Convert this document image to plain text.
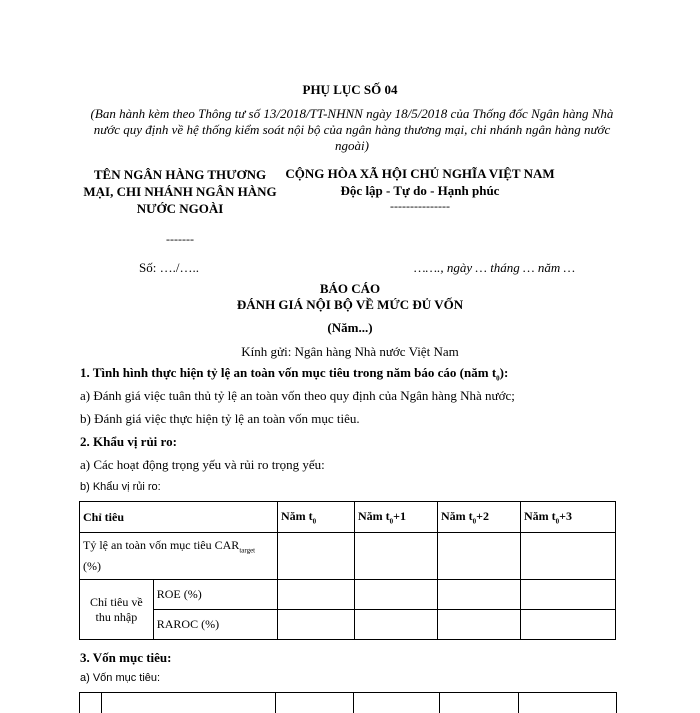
PHỤ LỤC SỐ 04
(Ban hành kèm theo Thông tư số 13/2018/TT-NHNN ngày 18/5/2018 của Thống đốc Ngân hàng Nhà nước quy định về hệ thống kiểm soát nội bộ của ngân hàng thương mại, chi nhánh ngân hàng nước ngoài)
TÊN NGÂN HÀNG THƯƠNG MẠI, CHI NHÁNH NGÂN HÀNG NƯỚC NGOÀI
-------
CỘNG HÒA XÃ HỘI CHỦ NGHĨA VIỆT NAM
Độc lập - Tự do - Hạnh phúc
---------------
Số: …./…..	……., ngày … tháng … năm …
BÁO CÁO
ĐÁNH GIÁ NỘI BỘ VỀ MỨC ĐỦ VỐN
(Năm...)
Kính gửi: Ngân hàng Nhà nước Việt Nam
1. Tình hình thực hiện tỷ lệ an toàn vốn mục tiêu trong năm báo cáo (năm $t_0$):
a) Đánh giá việc tuân thủ tỷ lệ an toàn vốn theo quy định của Ngân hàng Nhà nước;
b) Đánh giá việc thực hiện tỷ lệ an toàn vốn mục tiêu.
2. Khẩu vị rủi ro:
a) Các hoạt động trọng yếu và rủi ro trọng yếu:
b) Khẩu vị rủi ro:
Chỉ tiêu		Năm $t_0$	Năm $t_0+1$	Năm $t_0+2$	Năm $t_0+3$
Tỷ lệ an toàn vốn mục tiêu $CAR_{target}$ (%)					
Chỉ tiêu về thu nhập	ROE (%)				
	RAROC (%)				
3. Vốn mục tiêu:
a) Vốn mục tiêu:
